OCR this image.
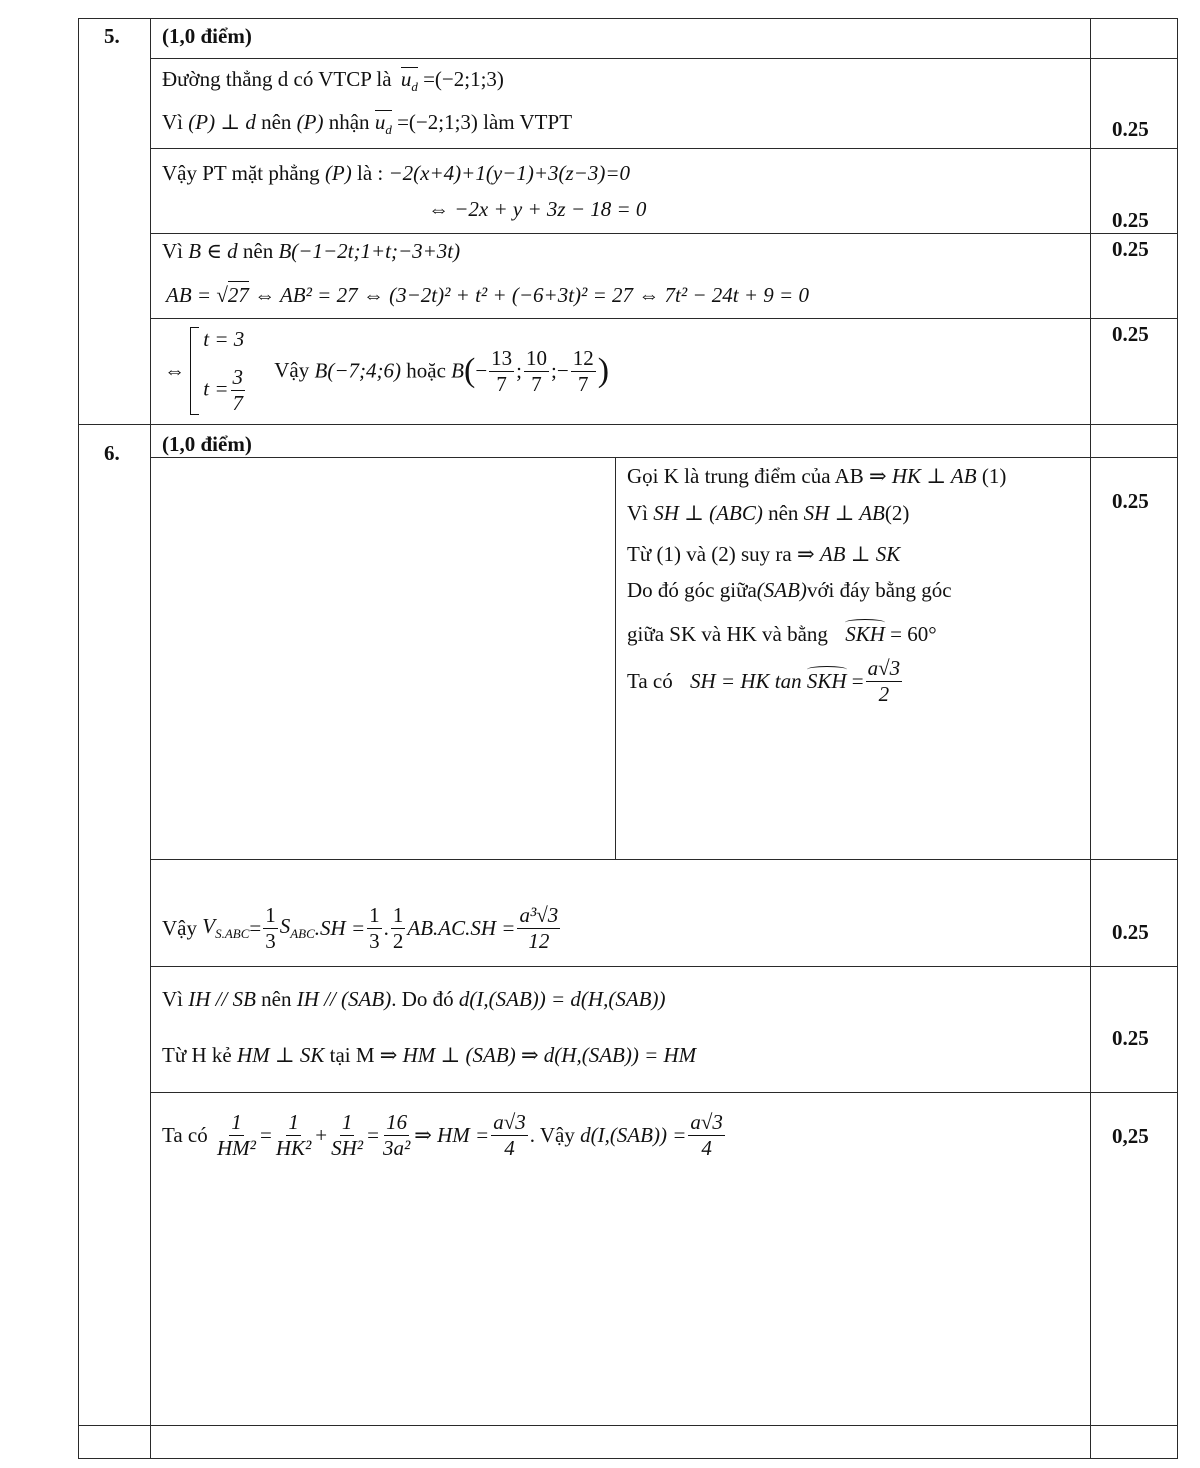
5. (1,0 điểm)
Đường thẳng d có VTCP là $u_d$ =(−2;1;3)
Vì (P) ⊥ d nên (P) nhận $u_d$ =(−2;1;3) làm VTPT	0.25
Vậy PT mặt phẳng (P) là : −2(x+4)+1(y−1)+3(z−3)=0
⇔ −2x + y + 3z − 18 = 0	0.25
0.25
Vì B ∈ d nên B(−1−2t;1+t;−3+3t)
AB = √27 ⇔ AB² = 27 ⇔ (3−2t)² + t² + (−6+3t)² = 27 ⇔ 7t² − 24t + 9 = 0
0.25
⇔
t = 3
$t = \frac{3}{7}$ Vậy B(−7;4;6) hoặc $B(- \frac{13}{7}$ ; $\frac{10}{7}$ ;− $\frac{12}{7}$ )
6. (1,0 điểm)
0.25
Gọi K là trung điểm của AB ⇒ HK ⊥ AB (1)
Vì SH ⊥ (ABC) nên SH ⊥ AB(2)
Từ (1) và (2) suy ra ⇒ AB ⊥ SK
Do đó góc giữa(SAB)với đáy bằng góc
giữa SK và HK và bằng SKH = 60°
Ta có SH = HK tan SKH = $\frac{a√3}{2}$
0.25
Vậy $V_{S.ABC}= \frac{1}{3} S_{ABC}.SH = \frac{1}{3}$ . $\frac{1}{2} AB.AC.SH = \frac{\text{a³√3}}{12}$
0.25
Vì IH // SB nên IH // (SAB). Do đó d(I,(SAB)) = d(H,(SAB))
Từ H kẻ HM ⊥ SK tại M ⇒ HM ⊥ (SAB) ⇒ d(H,(SAB)) = HM
0,25
Ta có $\frac{1}{\text{HM²}} = \frac{1}{\text{HK²}} + \frac{1}{\text{SH²}} = \frac{16}{\text{3a²}}$ ⇒ HM = $\frac{a√3}{4}$ . Vậy $d(I,(SAB)) = \frac{a√3}{4}$
